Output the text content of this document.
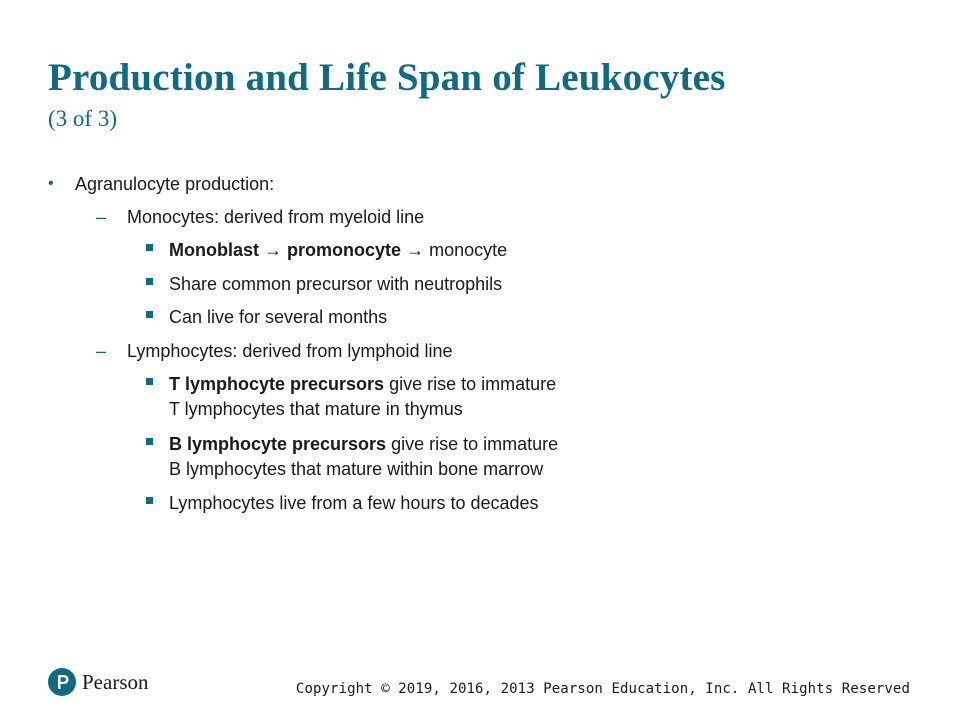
Production and Life Span of Leukocytes
(3 of 3)
• Agranulocyte production:
– Monocytes: derived from myeloid line
Monoblast → promonocyte → monocyte
Share common precursor with neutrophils
Can live for several months
– Lymphocytes: derived from lymphoid line
T lymphocyte precursors give rise to immature
T lymphocytes that mature in thymus
B lymphocyte precursors give rise to immature
B lymphocytes that mature within bone marrow
Lymphocytes live from a few hours to decades
Pearson	Copyright © 2019, 2016, 2013 Pearson Education, Inc. All Rights Reserved
